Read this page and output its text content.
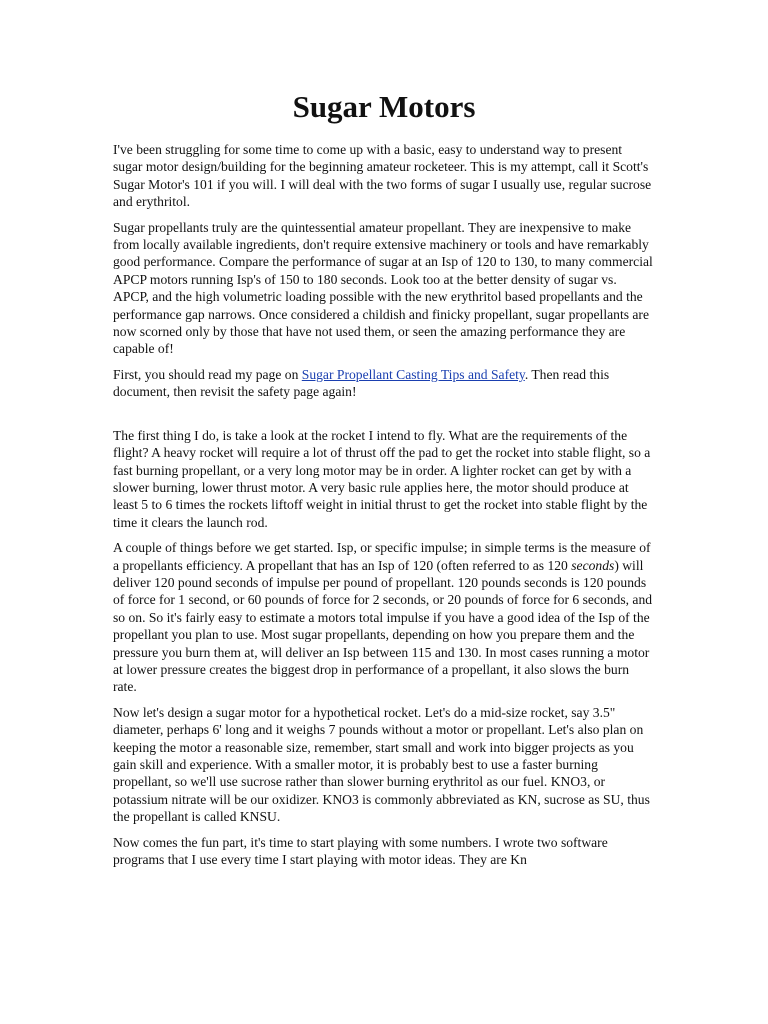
Sugar Motors

I've been struggling for some time to come up with a basic, easy to understand way to present sugar motor design/building for the beginning amateur rocketeer. This is my attempt, call it Scott's Sugar Motor's 101 if you will. I will deal with the two forms of sugar I usually use, regular sucrose and erythritol.

Sugar propellants truly are the quintessential amateur propellant. They are inexpensive to make from locally available ingredients, don't require extensive machinery or tools and have remarkably good performance. Compare the performance of sugar at an Isp of 120 to 130, to many commercial APCP motors running Isp's of 150 to 180 seconds. Look too at the better density of sugar vs. APCP, and the high volumetric loading possible with the new erythritol based propellants and the performance gap narrows. Once considered a childish and finicky propellant, sugar propellants are now scorned only by those that have not used them, or seen the amazing performance they are capable of!

First, you should read my page on Sugar Propellant Casting Tips and Safety. Then read this document, then revisit the safety page again!

The first thing I do, is take a look at the rocket I intend to fly. What are the requirements of the flight? A heavy rocket will require a lot of thrust off the pad to get the rocket into stable flight, so a fast burning propellant, or a very long motor may be in order. A lighter rocket can get by with a slower burning, lower thrust motor. A very basic rule applies here, the motor should produce at least 5 to 6 times the rockets liftoff weight in initial thrust to get the rocket into stable flight by the time it clears the launch rod.

A couple of things before we get started. Isp, or specific impulse; in simple terms is the measure of a propellants efficiency. A propellant that has an Isp of 120 (often referred to as 120 seconds) will deliver 120 pound seconds of impulse per pound of propellant. 120 pounds seconds is 120 pounds of force for 1 second, or 60 pounds of force for 2 seconds, or 20 pounds of force for 6 seconds, and so on. So it's fairly easy to estimate a motors total impulse if you have a good idea of the Isp of the propellant you plan to use. Most sugar propellants, depending on how you prepare them and the pressure you burn them at, will deliver an Isp between 115 and 130. In most cases running a motor at lower pressure creates the biggest drop in performance of a propellant, it also slows the burn rate.

Now let's design a sugar motor for a hypothetical rocket. Let's do a mid-size rocket, say 3.5" diameter, perhaps 6' long and it weighs 7 pounds without a motor or propellant. Let's also plan on keeping the motor a reasonable size, remember, start small and work into bigger projects as you gain skill and experience. With a smaller motor, it is probably best to use a faster burning propellant, so we'll use sucrose rather than slower burning erythritol as our fuel. KNO3, or potassium nitrate will be our oxidizer. KNO3 is commonly abbreviated as KN, sucrose as SU, thus the propellant is called KNSU.

Now comes the fun part, it's time to start playing with some numbers. I wrote two software programs that I use every time I start playing with motor ideas. They are Kn
